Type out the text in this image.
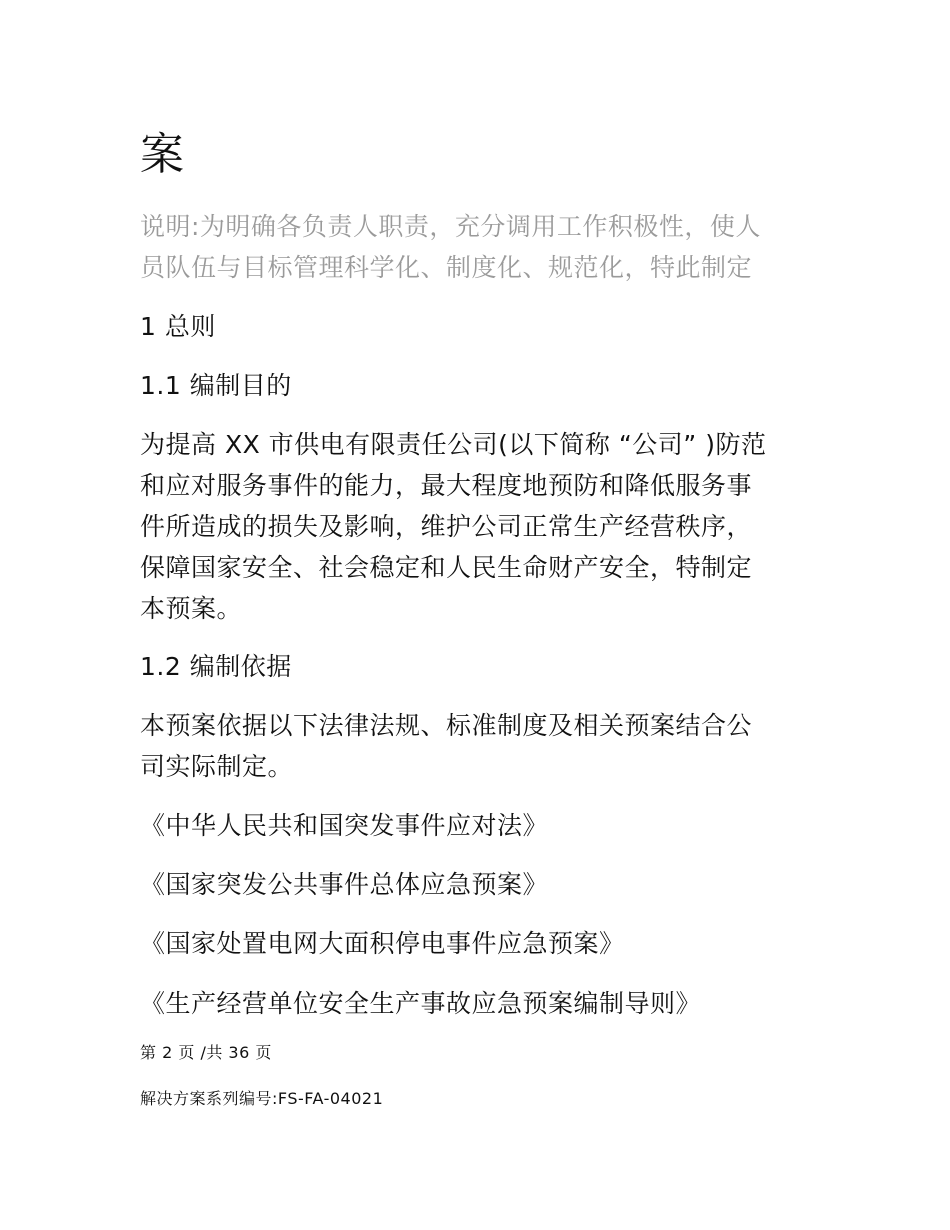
案
说明:为明确各负责人职责，充分调用工作积极性，使人
员队伍与目标管理科学化、制度化、规范化，特此制定

1 总则

1.1 编制目的

为提高 XX 市供电有限责任公司(以下简称 “公司” )防范
和应对服务事件的能力，最大程度地预防和降低服务事
件所造成的损失及影响，维护公司正常生产经营秩序，
保障国家安全、社会稳定和人民生命财产安全，特制定
本预案。

1.2 编制依据

本预案依据以下法律法规、标准制度及相关预案结合公
司实际制定。

《中华人民共和国突发事件应对法》

《国家突发公共事件总体应急预案》

《国家处置电网大面积停电事件应急预案》

《生产经营单位安全生产事故应急预案编制导则》

第 2 页 /共 36 页

解决方案系列编号:FS-FA-04021
